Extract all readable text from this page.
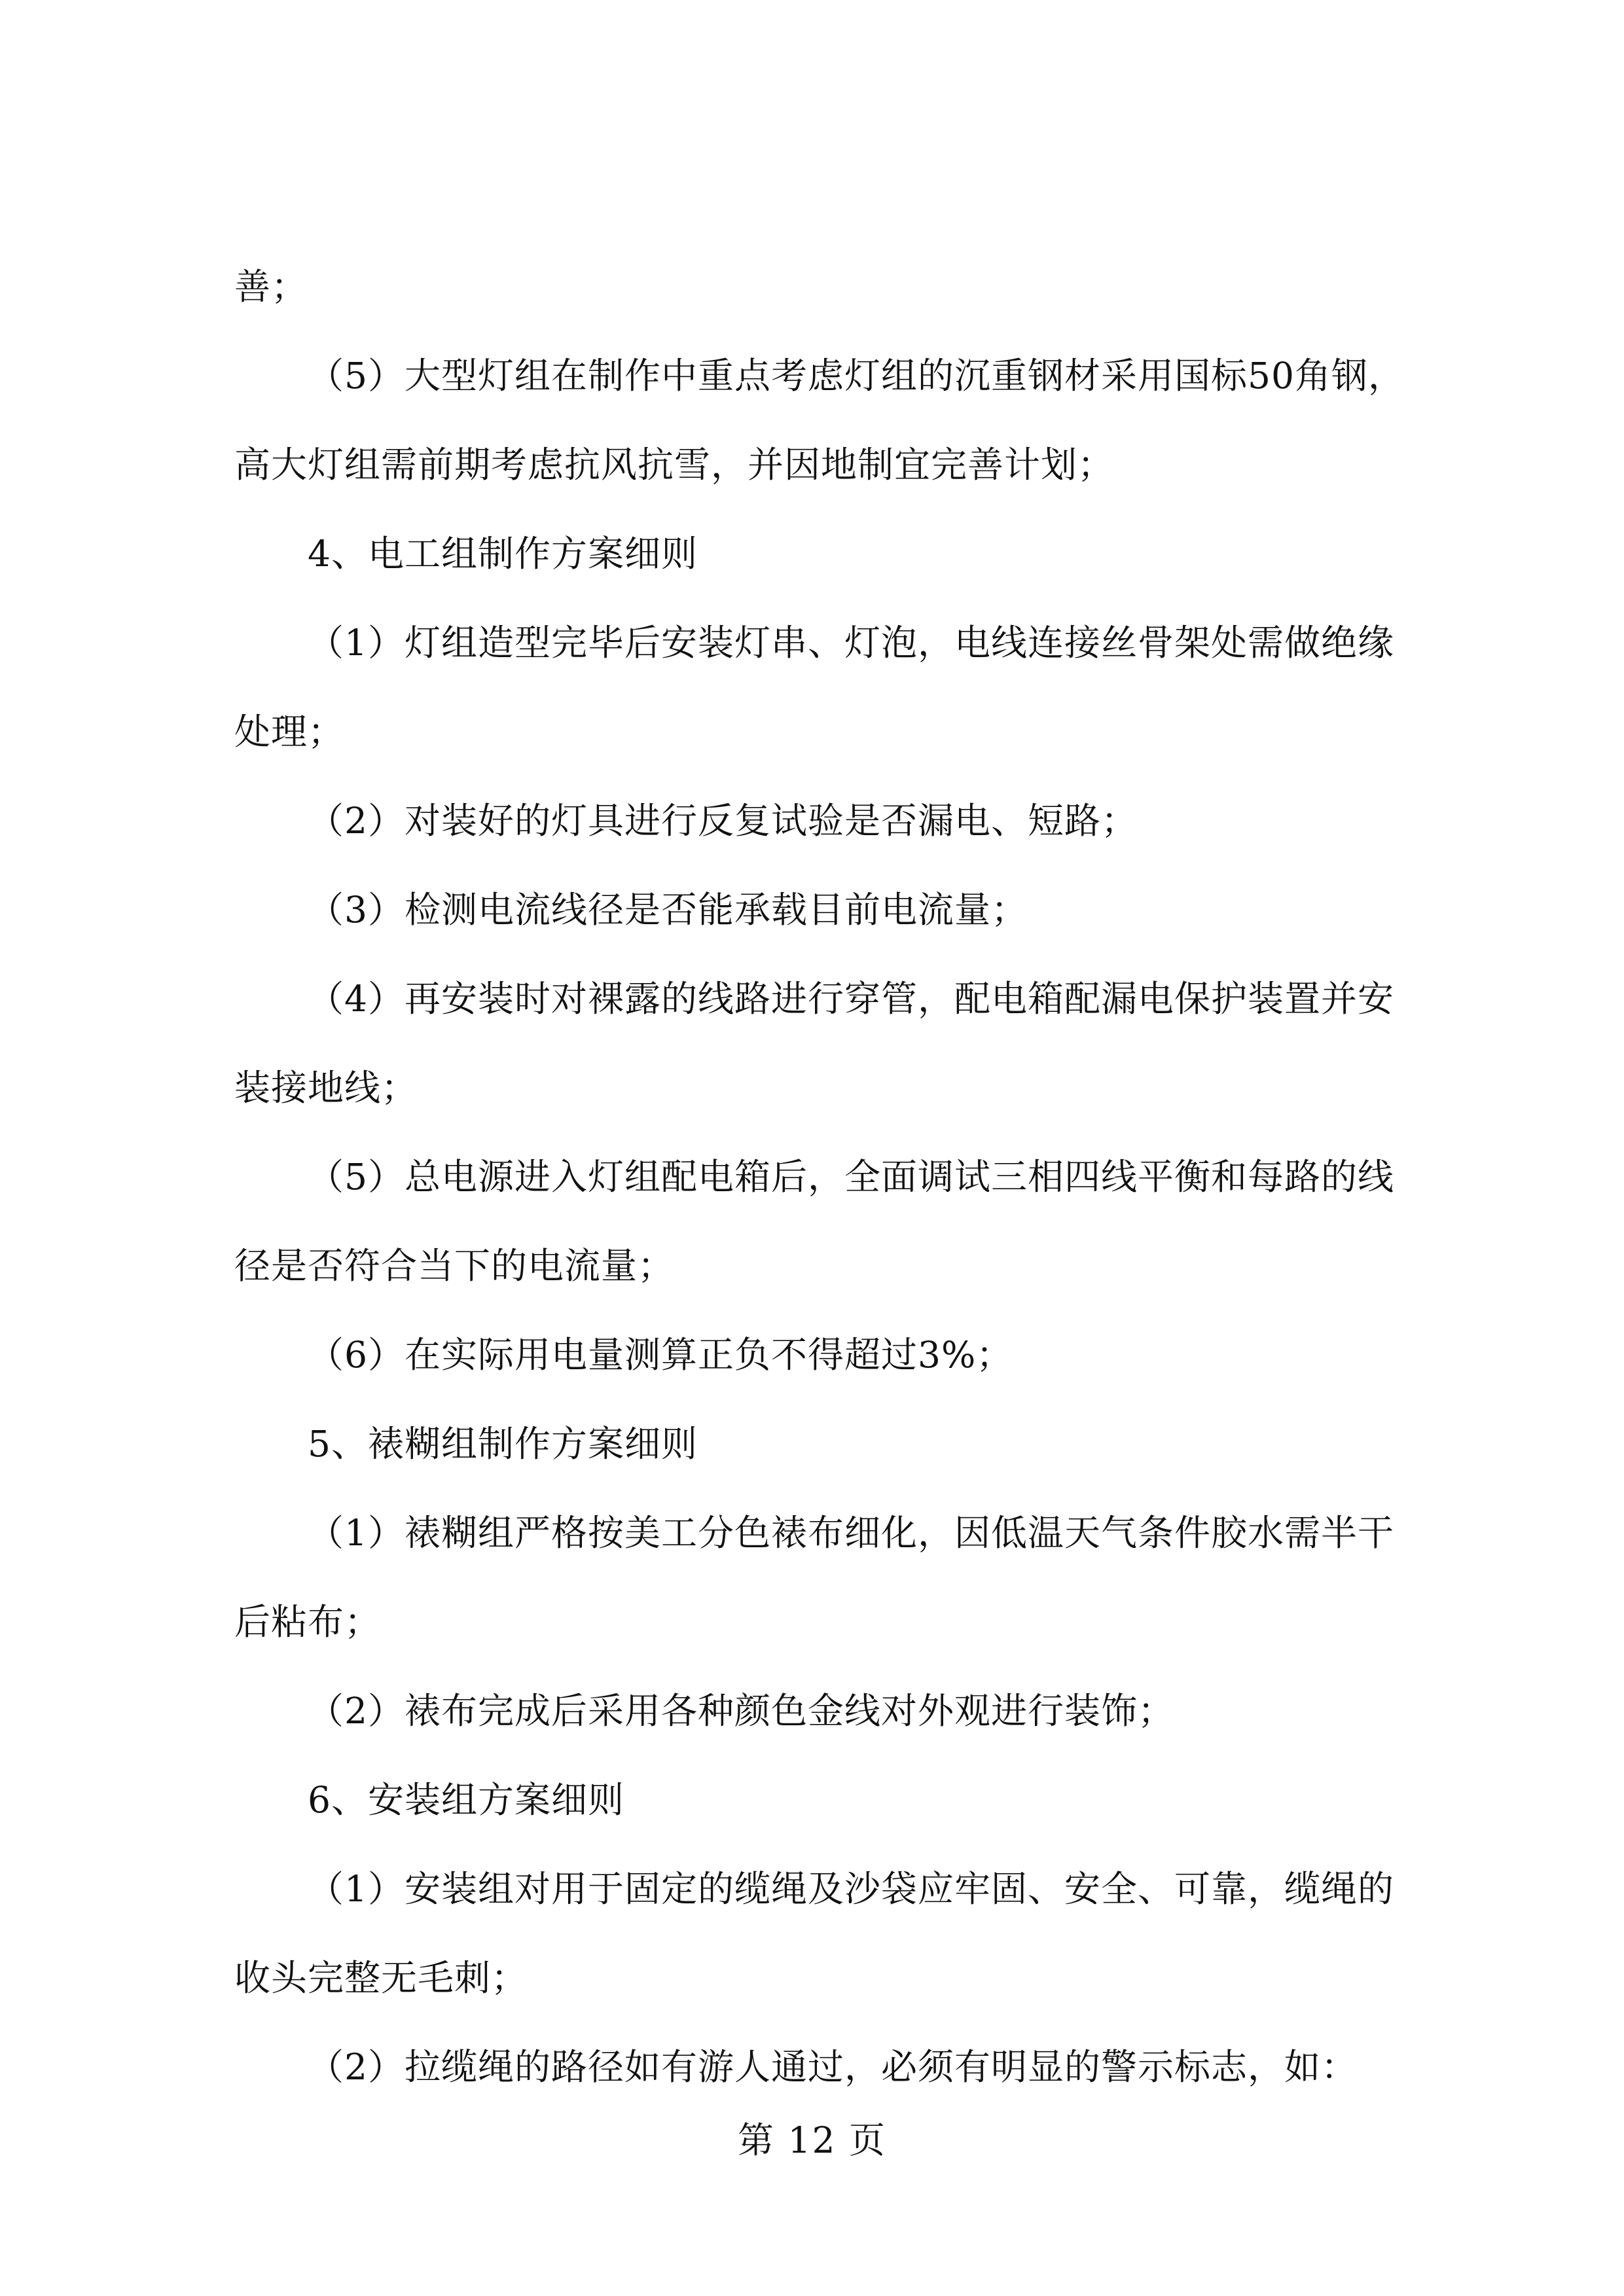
善；

（5）大型灯组在制作中重点考虑灯组的沉重钢材采用国标50角钢，高大灯组需前期考虑抗风抗雪，并因地制宜完善计划；

4、电工组制作方案细则

（1）灯组造型完毕后安装灯串、灯泡，电线连接丝骨架处需做绝缘处理；

（2）对装好的灯具进行反复试验是否漏电、短路；

（3）检测电流线径是否能承载目前电流量；

（4）再安装时对裸露的线路进行穿管，配电箱配漏电保护装置并安装接地线；

（5）总电源进入灯组配电箱后，全面调试三相四线平衡和每路的线径是否符合当下的电流量；

（6）在实际用电量测算正负不得超过3%；

5、裱糊组制作方案细则

（1）裱糊组严格按美工分色裱布细化，因低温天气条件胶水需半干后粘布；

（2）裱布完成后采用各种颜色金线对外观进行装饰；

6、安装组方案细则

（1）安装组对用于固定的缆绳及沙袋应牢固、安全、可靠，缆绳的收头完整无毛刺；

（2）拉缆绳的路径如有游人通过，必须有明显的警示标志，如：

第 12 页
